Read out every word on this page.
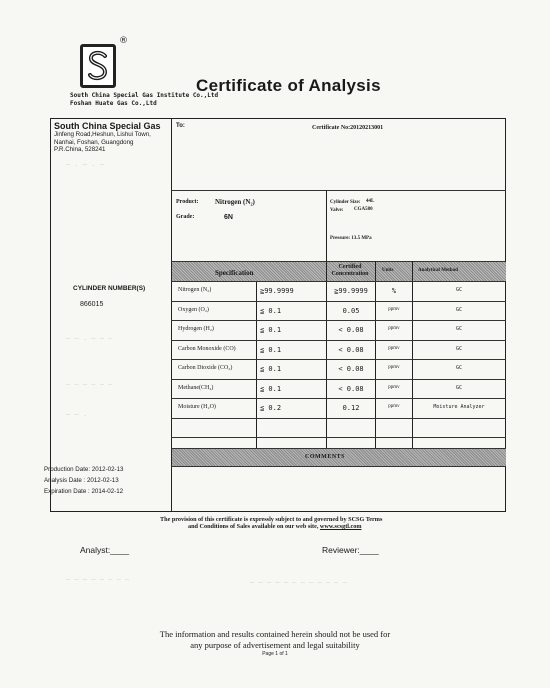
®
Certificate of Analysis
South China Special Gas Institute Co.,Ltd
Foshan Huate Gas Co.,Ltd
South China Special Gas
Jinfeng Road,Heshun, Lishui Town,
Nanhai, Foshan, Guangdong
P.R.China, 528241
CYLINDER NUMBER(S)
866015
Production Date: 2012-02-13
Analysis Date : 2012-02-13
Expiration Date : 2014-02-12
— . — . —
— — . — — —
— — — — — —
— — .
— — — — — — — —	— — — — — — — — — — — —
To:	Certificate No:20120213001
Product: Nitrogen (N₂)
Grade:	6N
Cylinder Size: 44L
Valve: CGA580
Pressure: 13.5 MPa
Specification
Certified Concentration	Units	Analytical Method
Nitrogen (N₂)	≧99.9999	≧99.9999	%	GC
Oxygen (O₂)	≦ 0.1	0.05	ppmv	GC
Hydrogen (H₂)	≦ 0.1	< 0.08	ppmv	GC
Carbon Monoxide (CO)	≦ 0.1	< 0.08	ppmv	GC
Carbon Dioxide (CO₂)	≦ 0.1	< 0.08	ppmv	GC
Methane(CH₄)	≦ 0.1	< 0.08	ppmv	GC
Moisture (H₂O)	≦ 0.2	0.12	ppmv	Moisture Analyzer
COMMENTS
The provision of this certificate is expressly subject to and governed by SCSG Terms
and Conditions of Sales available on our web site, www.scsgtl.com
Analyst:____	Reviewer:____
The information and results contained herein should not be used for
any purpose of advertisement and legal suitability
Page 1 of 1
